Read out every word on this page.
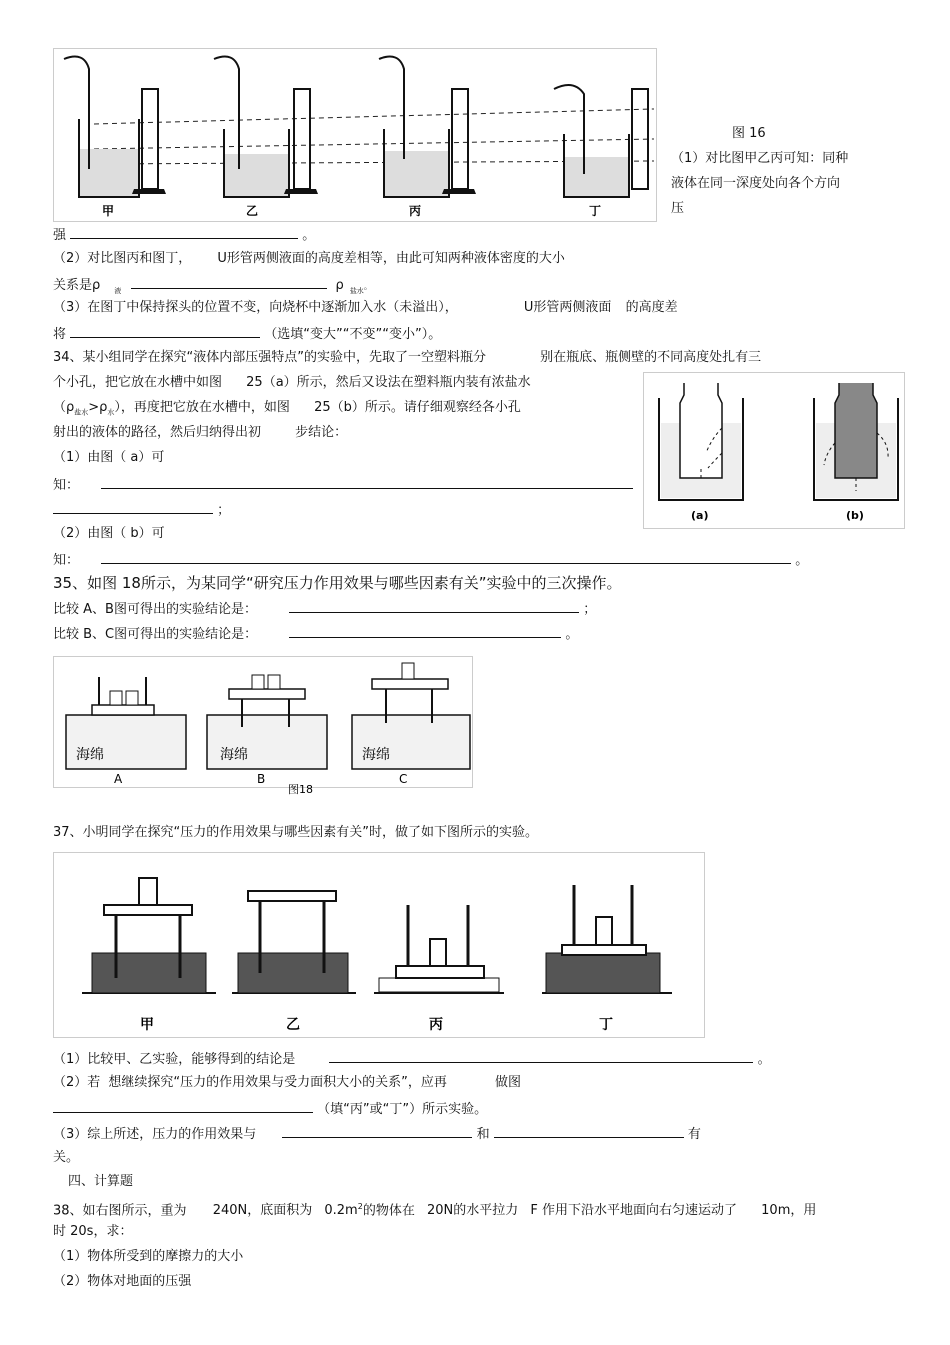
甲	乙	丙	丁
图 16
（1）对比图甲乙丙可知：同种
液体在同一深度处向各个方向
压
强	。
（2）对比图丙和图丁， U形管两侧液面的高度差相等，由此可知两种液体密度的大小
关系是ρ $_液$	ρ $_{盐水}$。
（3）在图丁中保持探头的位置不变，向烧杯中逐渐加入水（未溢出），	U形管两侧液面 的高度差
将	（选填“变大”“不变”“变小”）。
34、某小组同学在探究“液体内部压强特点”的实验中，先取了一空塑料瓶分	别在瓶底、瓶侧壁的不同高度处扎有三
个小孔，把它放在水槽中如图 25（a）所示，然后又设法在塑料瓶内装有浓盐水
$(\rho_{盐水}>\rho_水)$，再度把它放在水槽中，如图 25（b）所示。请仔细观察经各小孔
射出的液体的路径，然后归纳得出初	步结论：
（1）由图（ a）可
知：
；
（2）由图（ b）可
知：	。
(a)	(b)
35、如图 18所示，为某同学“研究压力作用效果与哪些因素有关”实验中的三次操作。
比较 A、B图可得出的实验结论是：	；
比较 B、C图可得出的实验结论是：	。
海绵	海绵	海绵
A	B	C
图18
37、小明同学在探究“压力的作用效果与哪些因素有关”时，做了如下图所示的实验。
甲	乙	丙	丁
（1）比较甲、乙实验，能够得到的结论是	。
（2）若 想继续探究“压力的作用效果与受力面积大小的关系”，应再	做图
（填“丙”或“丁”）所示实验。
（3）综上所述，压力的作用效果与	和	有
关。
四、计算题
38、如右图所示，重为 240N，底面积为 $0.2m^2$的物体在 20N的水平拉力 F 作用下沿水平地面向右匀速运动了 10m，用
时 20s，求：
（1）物体所受到的摩擦力的大小
（2）物体对地面的压强
